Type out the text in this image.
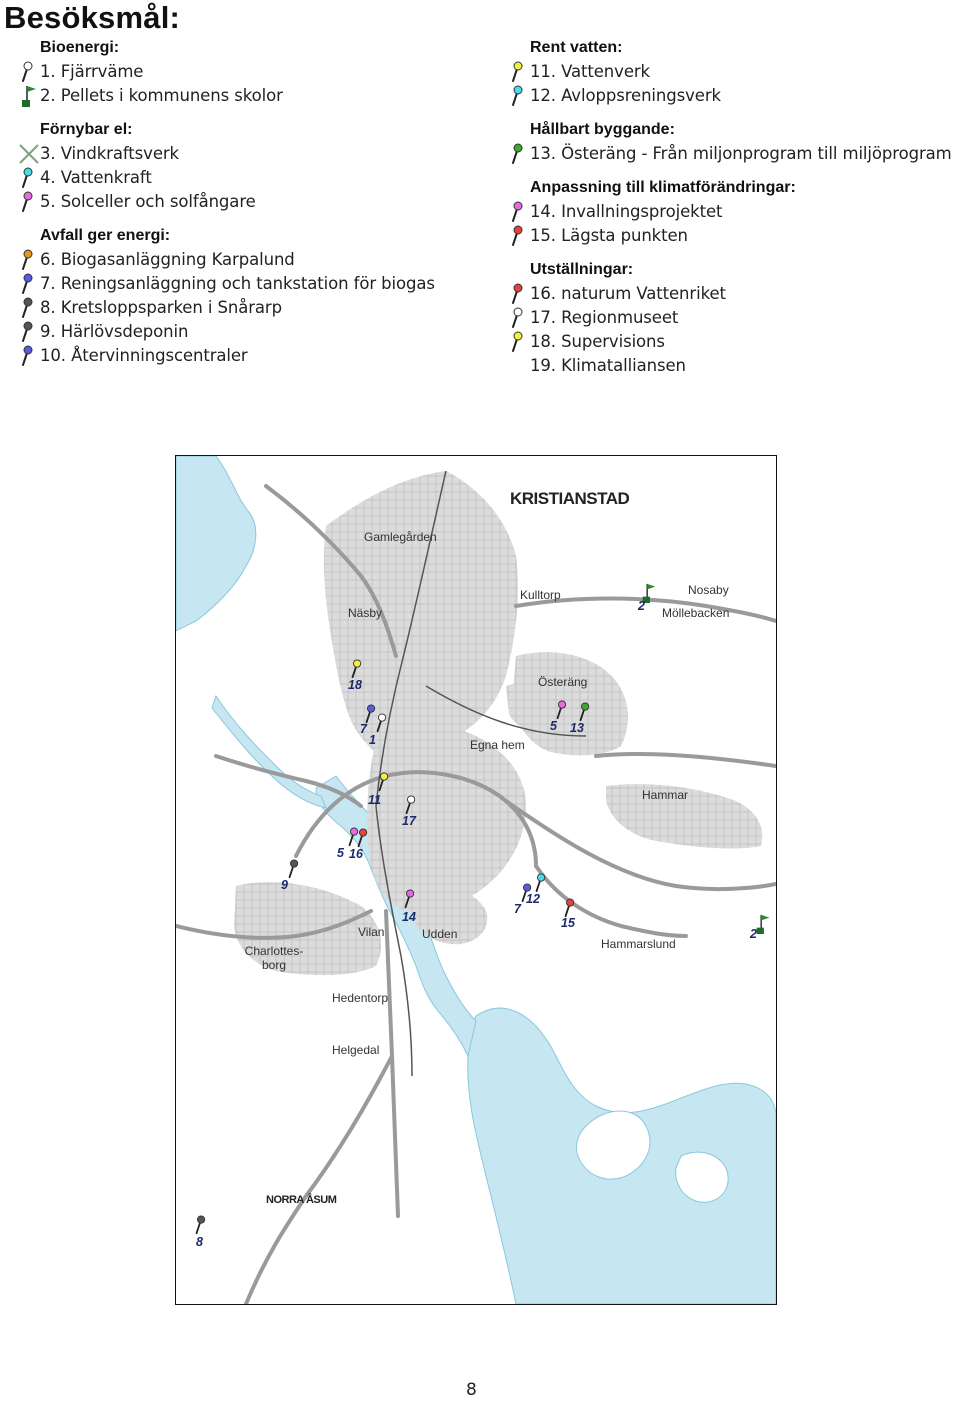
Besöksmål:
Bioenergi:
1. Fjärrväme
2. Pellets i kommunens skolor
Förnybar el:
3. Vindkraftsverk
4. Vattenkraft
5. Solceller och solfångare
Avfall ger energi:
6. Biogasanläggning Karpalund
7. Reningsanläggning och tankstation för biogas
8. Kretsloppsparken i Snårarp
9. Härlövsdeponin
10. Återvinningscentraler
Rent vatten:
11. Vattenverk
12. Avloppsreningsverk
Hållbart byggande:
13. Österäng - Från miljonprogram till miljöprogram
Anpassning till klimatförändringar:
14. Invallningsprojektet
15. Lägsta punkten
Utställningar:
16. naturum Vattenriket
17. Regionmuseet
18. Supervisions
19. Klimatalliansen
KRISTIANSTAD
Gamlegården
Näsby
Kulltorp	Nosaby
Möllebacken
Österäng
Egna hem
Hammar
Vilan	Udden
Charlottes-
borg
Hammarslund
Hedentorp
Helgedal
NORRA ÅSUM
2
18
5 13
7
1
11
17
5 16
9
14
12
7
15
2
8
8
